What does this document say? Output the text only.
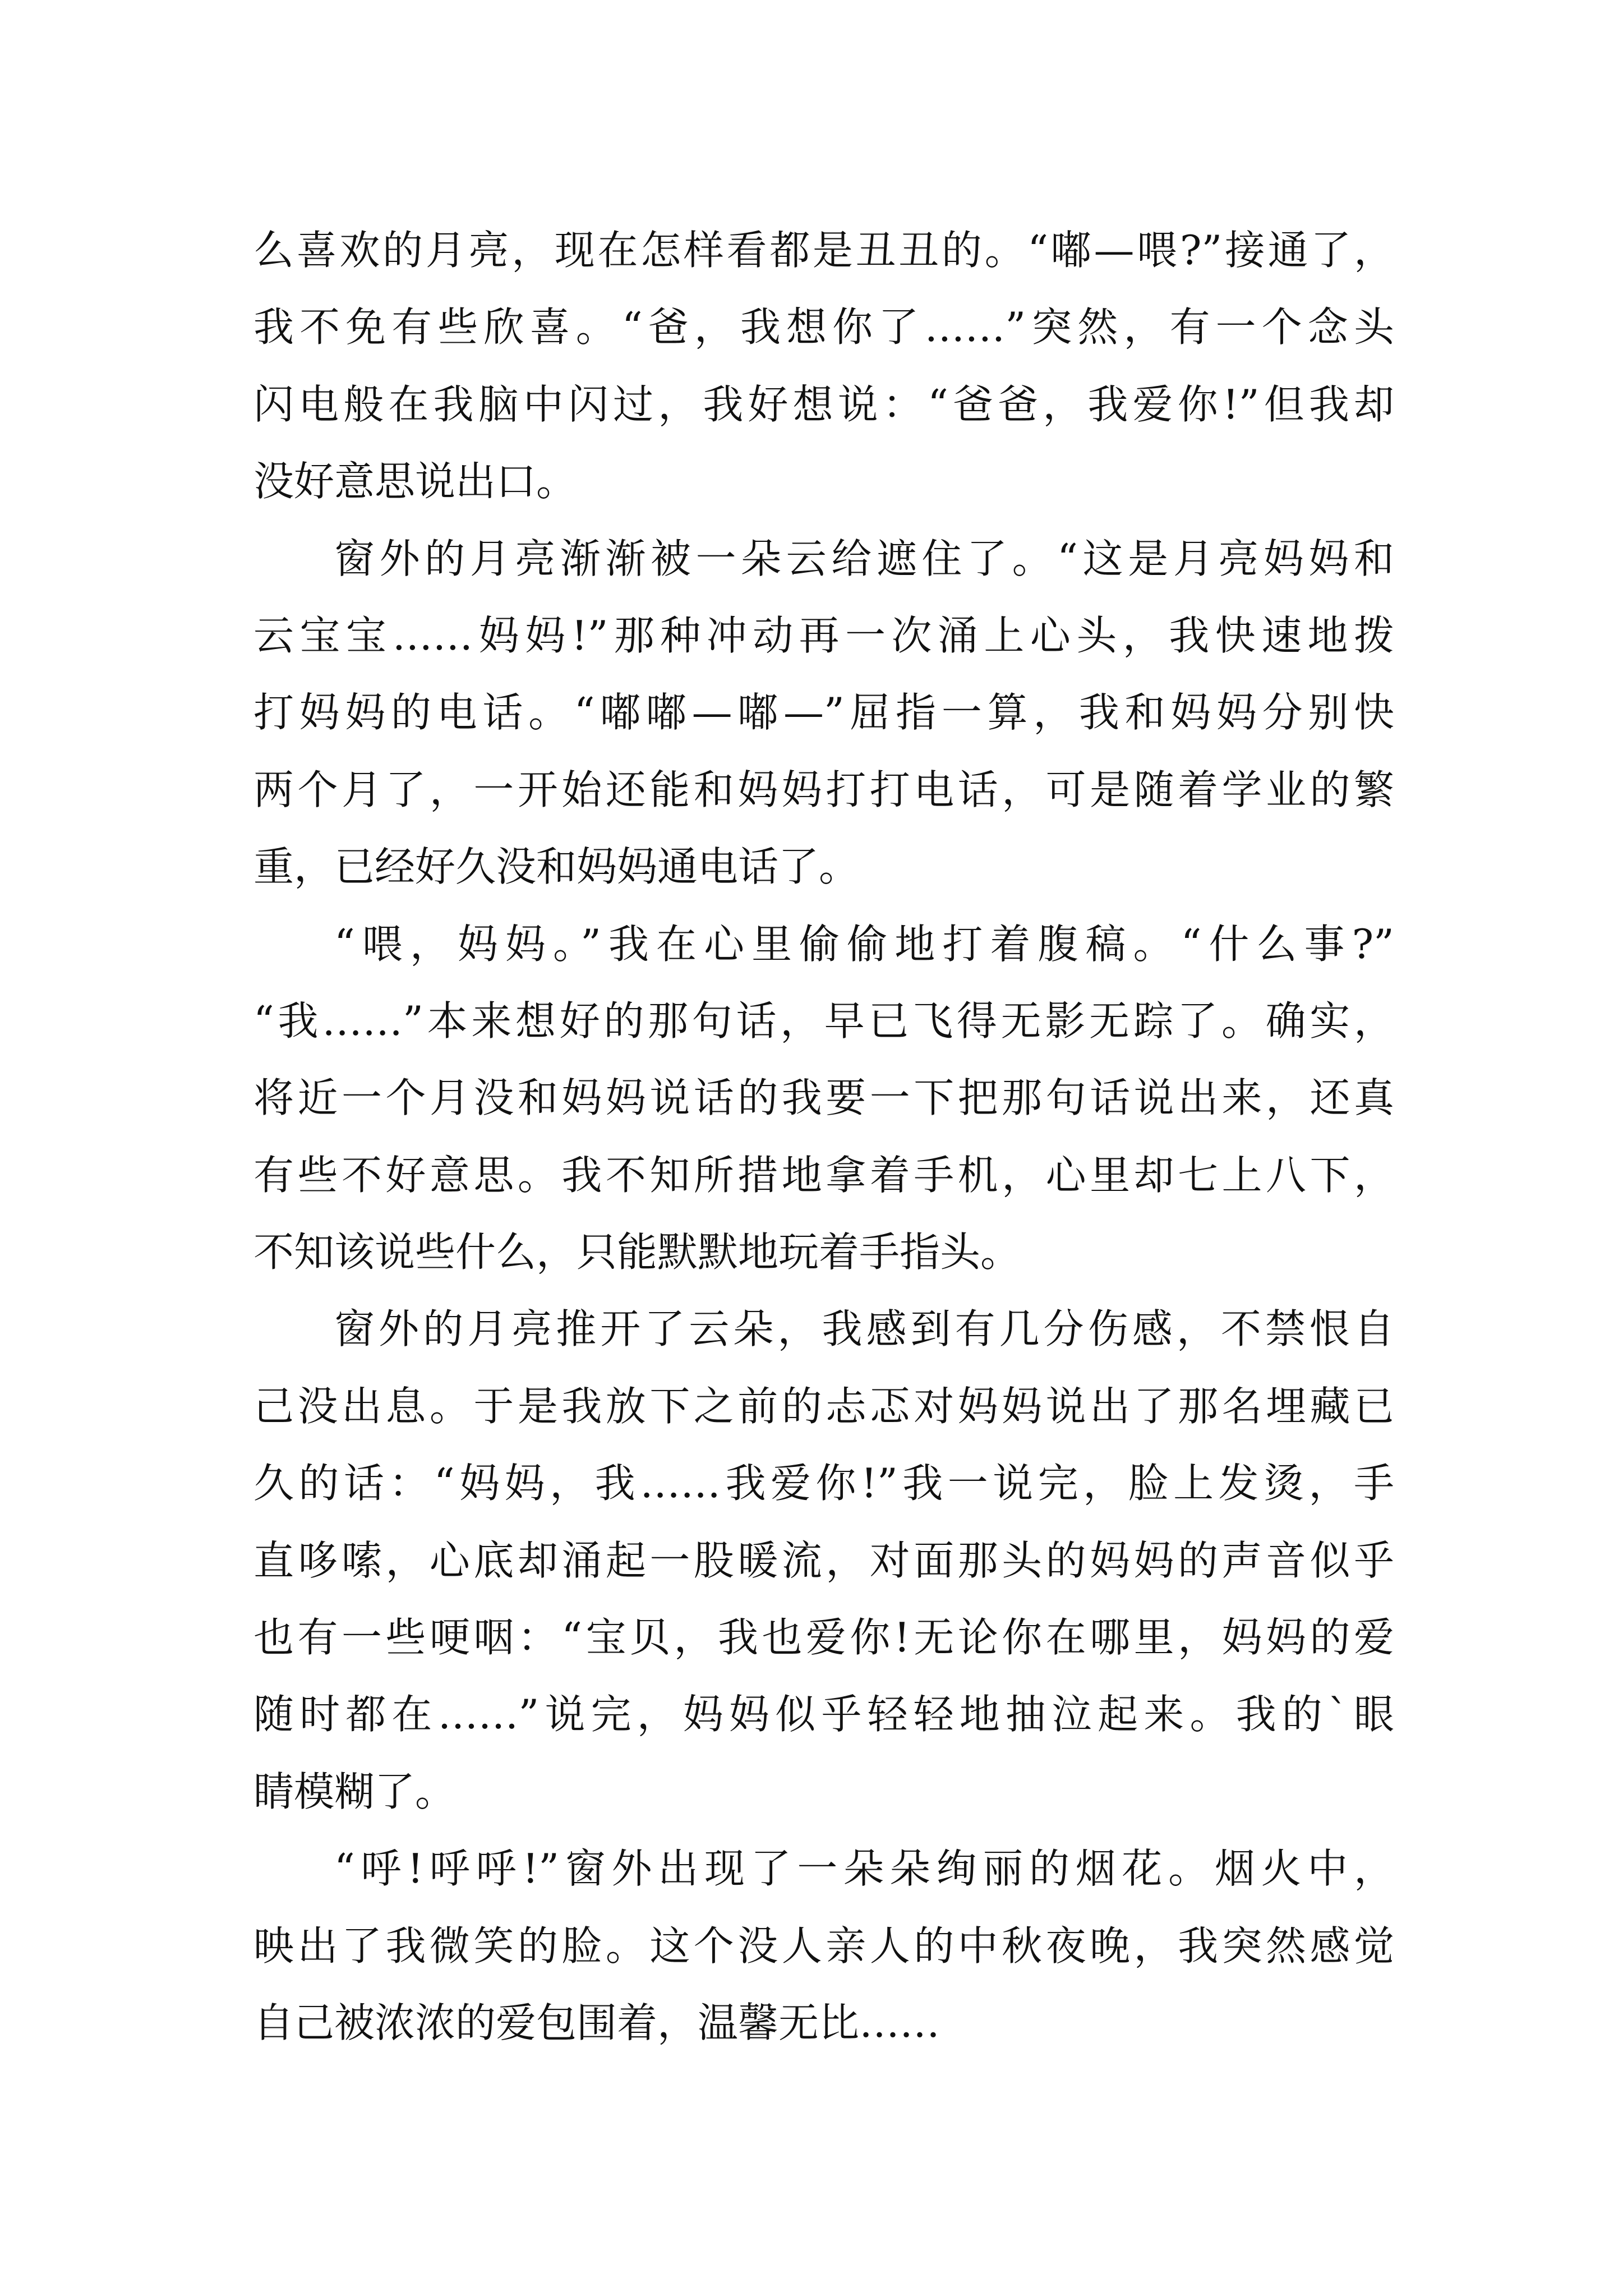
么喜欢的月亮，现在怎样看都是丑丑的。“嘟—喂?”接通了，
我不免有些欣喜。“爸，我想你了……”突然，有一个念头
闪电般在我脑中闪过，我好想说：“爸爸，我爱你!”但我却
没好意思说出口。
窗外的月亮渐渐被一朵云给遮住了。“这是月亮妈妈和
云宝宝……妈妈!”那种冲动再一次涌上心头，我快速地拨
打妈妈的电话。“嘟嘟—嘟—”屈指一算，我和妈妈分别快
两个月了，一开始还能和妈妈打打电话，可是随着学业的繁
重，已经好久没和妈妈通电话了。
“喂，妈妈。”我在心里偷偷地打着腹稿。“什么事?”
“我……”本来想好的那句话，早已飞得无影无踪了。确实，
将近一个月没和妈妈说话的我要一下把那句话说出来，还真
有些不好意思。我不知所措地拿着手机，心里却七上八下，
不知该说些什么，只能默默地玩着手指头。
窗外的月亮推开了云朵，我感到有几分伤感，不禁恨自
己没出息。于是我放下之前的忐忑对妈妈说出了那名埋藏已
久的话：“妈妈，我……我爱你!”我一说完，脸上发烫，手
直哆嗦，心底却涌起一股暖流，对面那头的妈妈的声音似乎
也有一些哽咽：“宝贝，我也爱你!无论你在哪里，妈妈的爱
随时都在……”说完，妈妈似乎轻轻地抽泣起来。我的`眼
睛模糊了。
“呼!呼呼!”窗外出现了一朵朵绚丽的烟花。烟火中，
映出了我微笑的脸。这个没人亲人的中秋夜晚，我突然感觉
自己被浓浓的爱包围着，温馨无比……
